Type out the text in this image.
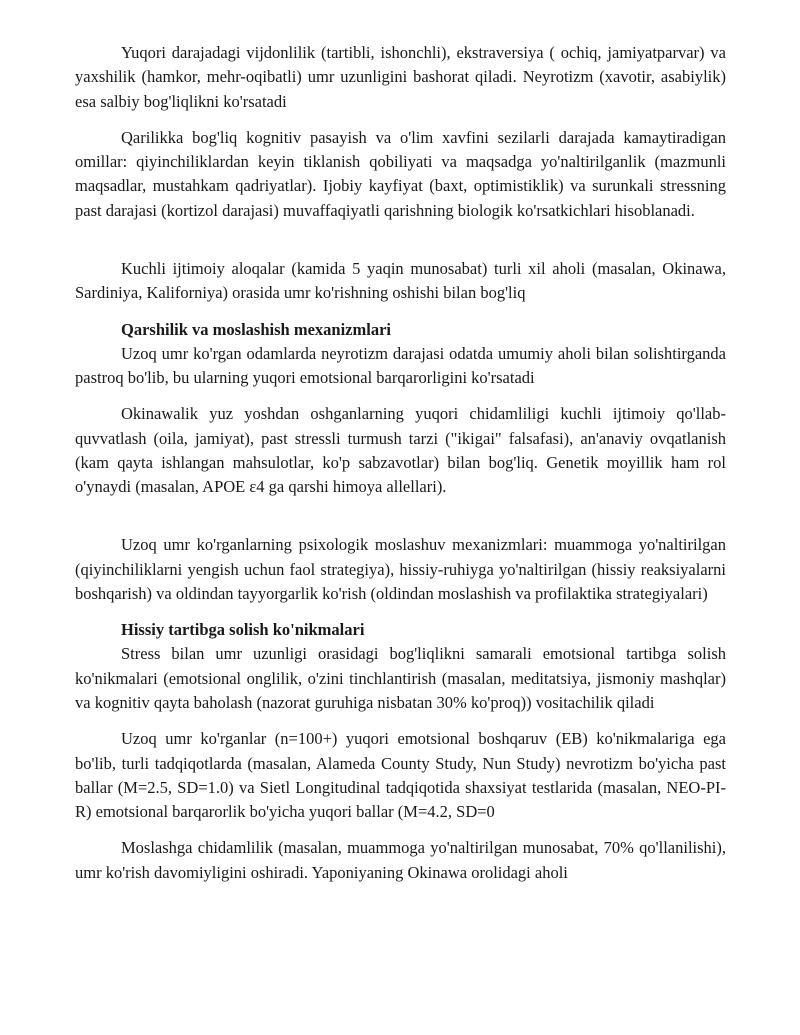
Yuqori darajadagi vijdonlilik (tartibli, ishonchli), ekstraversiya ( ochiq, jamiyatparvar) va yaxshilik (hamkor, mehr-oqibatli) umr uzunligini bashorat qiladi. Neyrotizm (xavotir, asabiylik) esa salbiy bog'liqlikni ko'rsatadi

Qarilikka bog'liq kognitiv pasayish va o'lim xavfini sezilarli darajada kamaytiradigan omillar: qiyinchiliklardan keyin tiklanish qobiliyati va maqsadga yo'naltirilganlik (mazmunli maqsadlar, mustahkam qadriyatlar). Ijobiy kayfiyat (baxt, optimistiklik) va surunkali stressning past darajasi (kortizol darajasi) muvaffaqiyatli qarishning biologik ko'rsatkichlari hisoblanadi.

Kuchli ijtimoiy aloqalar (kamida 5 yaqin munosabat) turli xil aholi (masalan, Okinawa, Sardiniya, Kaliforniya) orasida umr ko'rishning oshishi bilan bog'liq

Qarshilik va moslashish mexanizmlari

Uzoq umr ko'rgan odamlarda neyrotizm darajasi odatda umumiy aholi bilan solishtirganda pastroq bo'lib, bu ularning yuqori emotsional barqarorligini ko'rsatadi

Okinawalik yuz yoshdan oshganlarning yuqori chidamliligi kuchli ijtimoiy qo'llab-quvvatlash (oila, jamiyat), past stressli turmush tarzi ("ikigai" falsafasi), an'anaviy ovqatlanish (kam qayta ishlangan mahsulotlar, ko'p sabzavotlar) bilan bog'liq. Genetik moyillik ham rol o'ynaydi (masalan, APOE ε4 ga qarshi himoya allellari).

Uzoq umr ko'rganlarning psixologik moslashuv mexanizmlari: muammoga yo'naltirilgan (qiyinchiliklarni yengish uchun faol strategiya), hissiy-ruhiyga yo'naltirilgan (hissiy reaksiyalarni boshqarish) va oldindan tayyorgarlik ko'rish (oldindan moslashish va profilaktika strategiyalari)

Hissiy tartibga solish ko'nikmalari

Stress bilan umr uzunligi orasidagi bog'liqlikni samarali emotsional tartibga solish ko'nikmalari (emotsional onglilik, o'zini tinchlantirish (masalan, meditatsiya, jismoniy mashqlar) va kognitiv qayta baholash (nazorat guruhiga nisbatan 30% ko'proq)) vositachilik qiladi

Uzoq umr ko'rganlar (n=100+) yuqori emotsional boshqaruv (EB) ko'nikmalariga ega bo'lib, turli tadqiqotlarda (masalan, Alameda County Study, Nun Study) nevrotizm bo'yicha past ballar (M=2.5, SD=1.0) va Sietl Longitudinal tadqiqotida shaxsiyat testlarida (masalan, NEO-PI-R) emotsional barqarorlik bo'yicha yuqori ballar (M=4.2, SD=0

Moslashga chidamlilik (masalan, muammoga yo'naltirilgan munosabat, 70% qo'llanilishi), umr ko'rish davomiyligini oshiradi. Yaponiyaning Okinawa orolidagi aholi
